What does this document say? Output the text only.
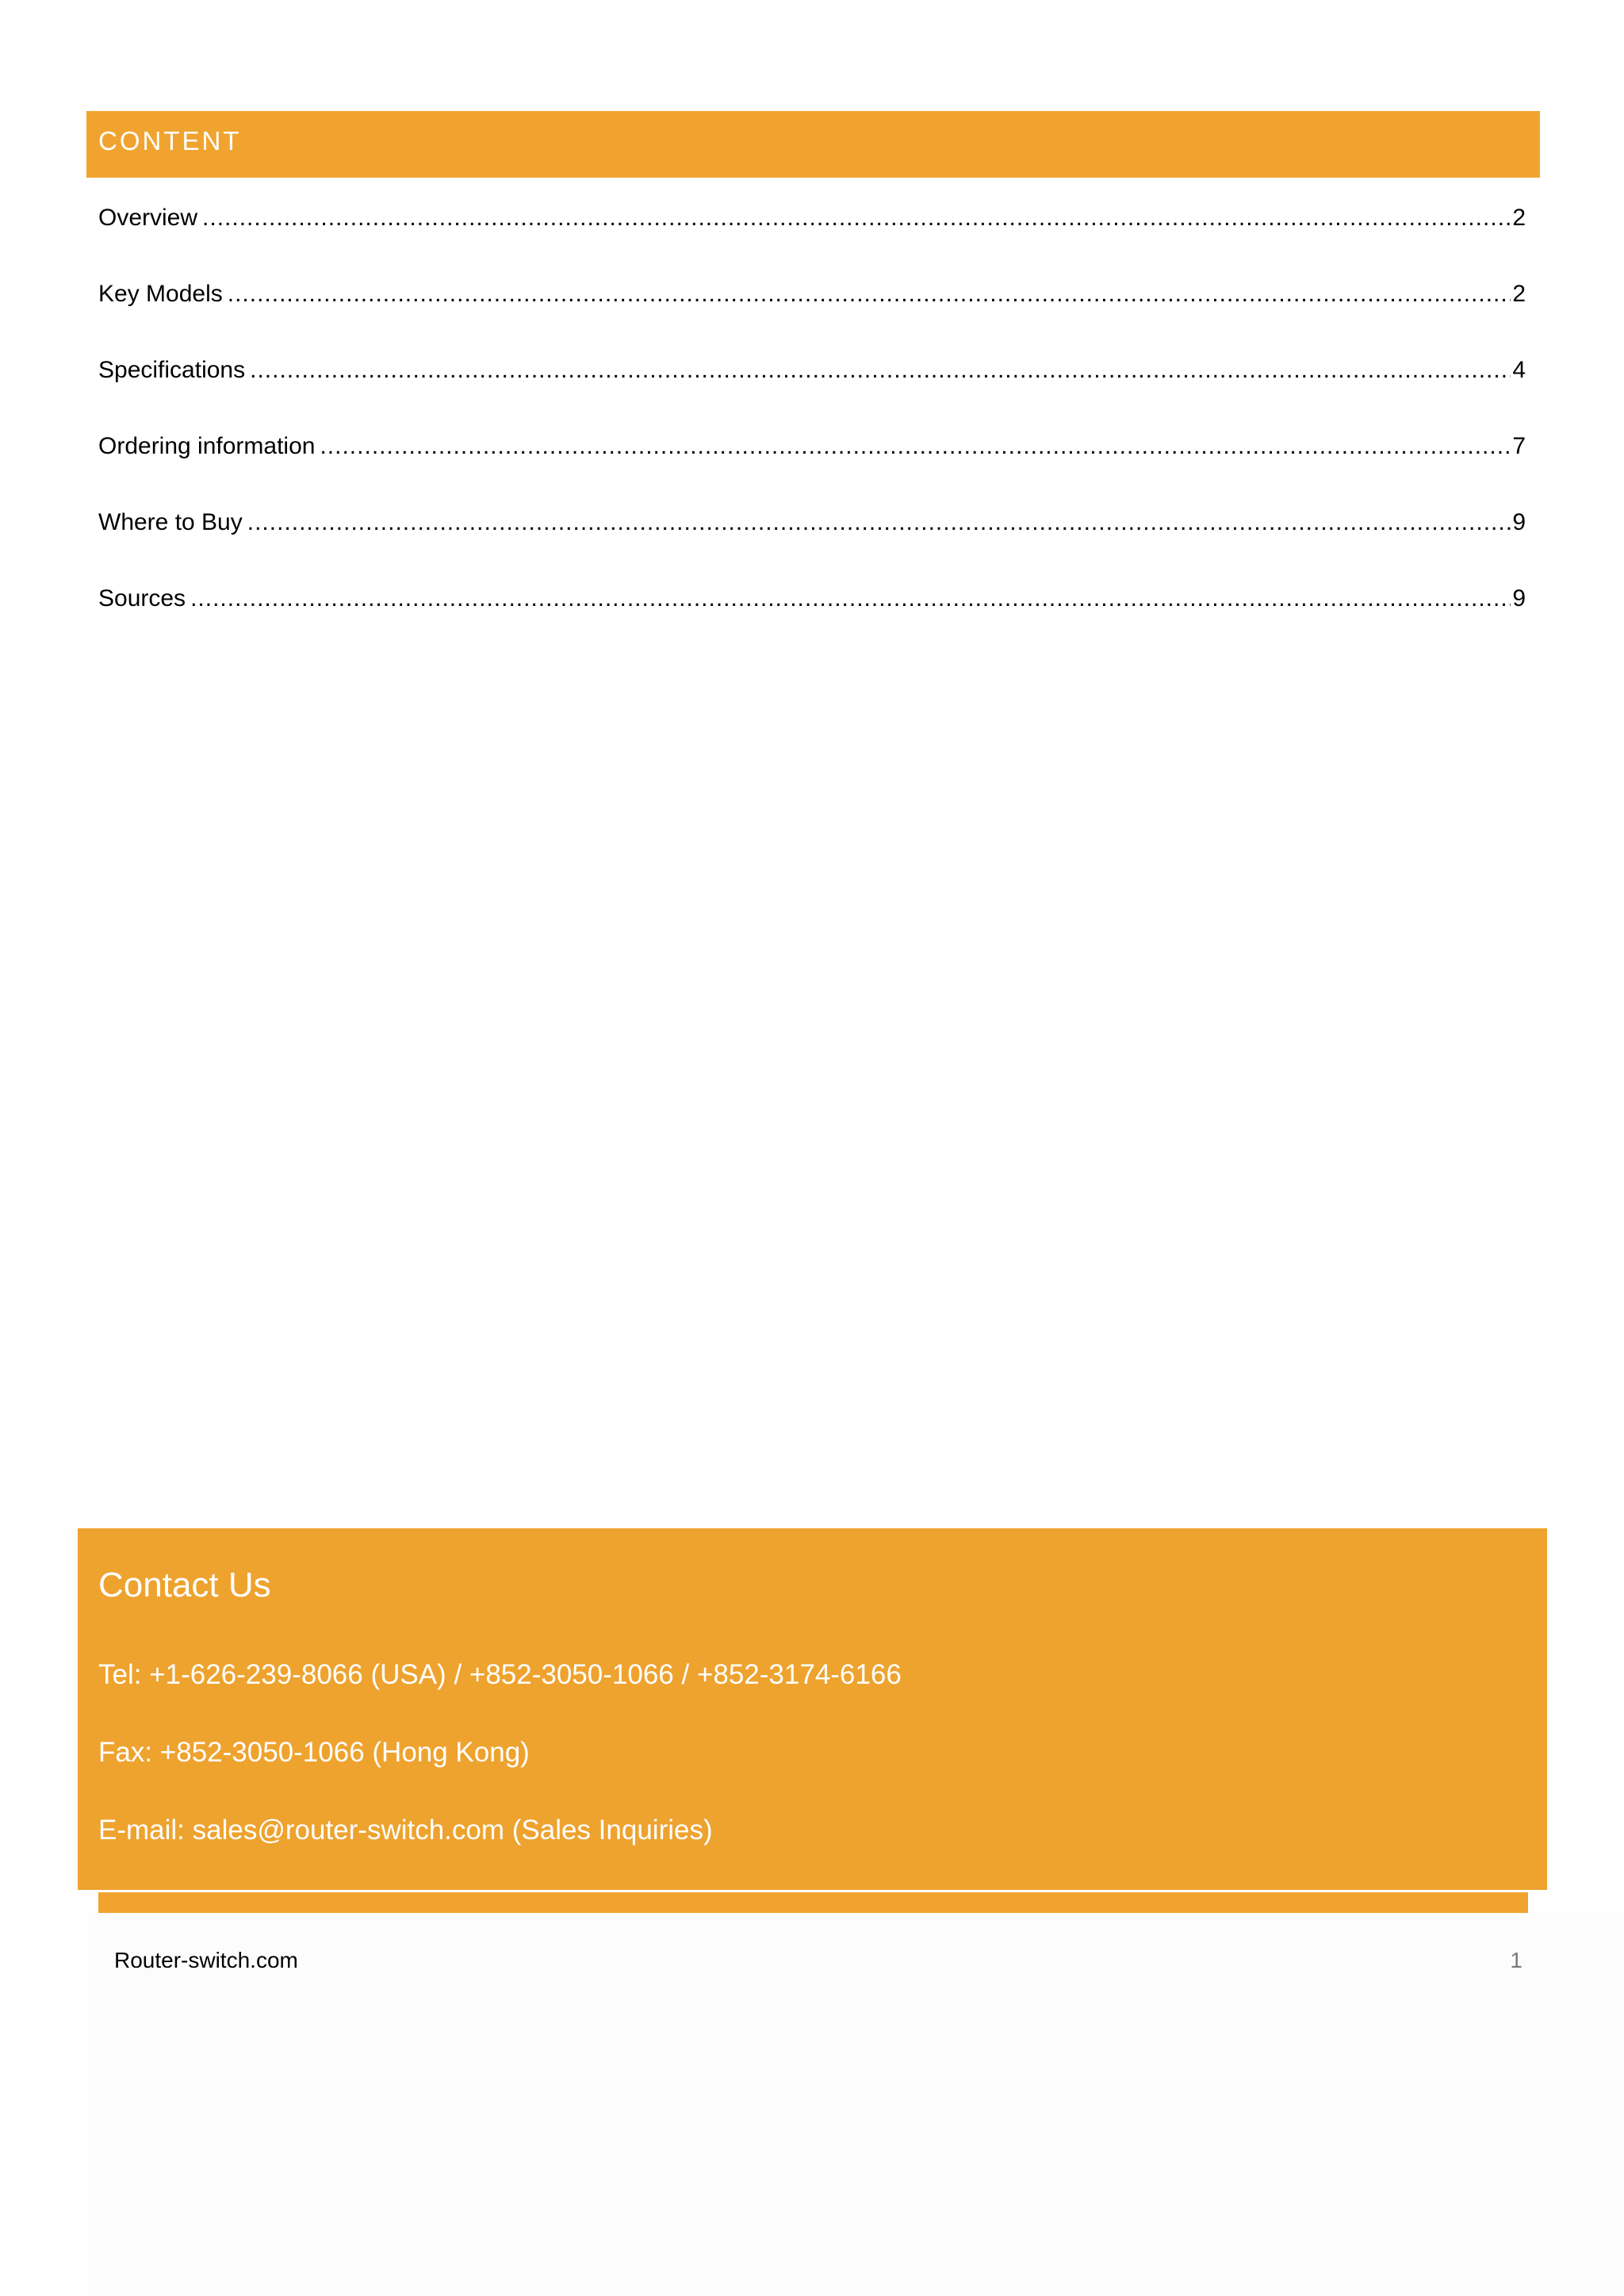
CONTENT
Overview .....	2
Key Models .....	2
Specifications .....	4
Ordering information .....	7
Where to Buy .....	9
Sources .....	9
Contact Us
Tel: +1-626-239-8066 (USA) / +852-3050-1066 / +852-3174-6166
Fax: +852-3050-1066 (Hong Kong)
E-mail: sales@router-switch.com (Sales Inquiries)
Router-switch.com	1
